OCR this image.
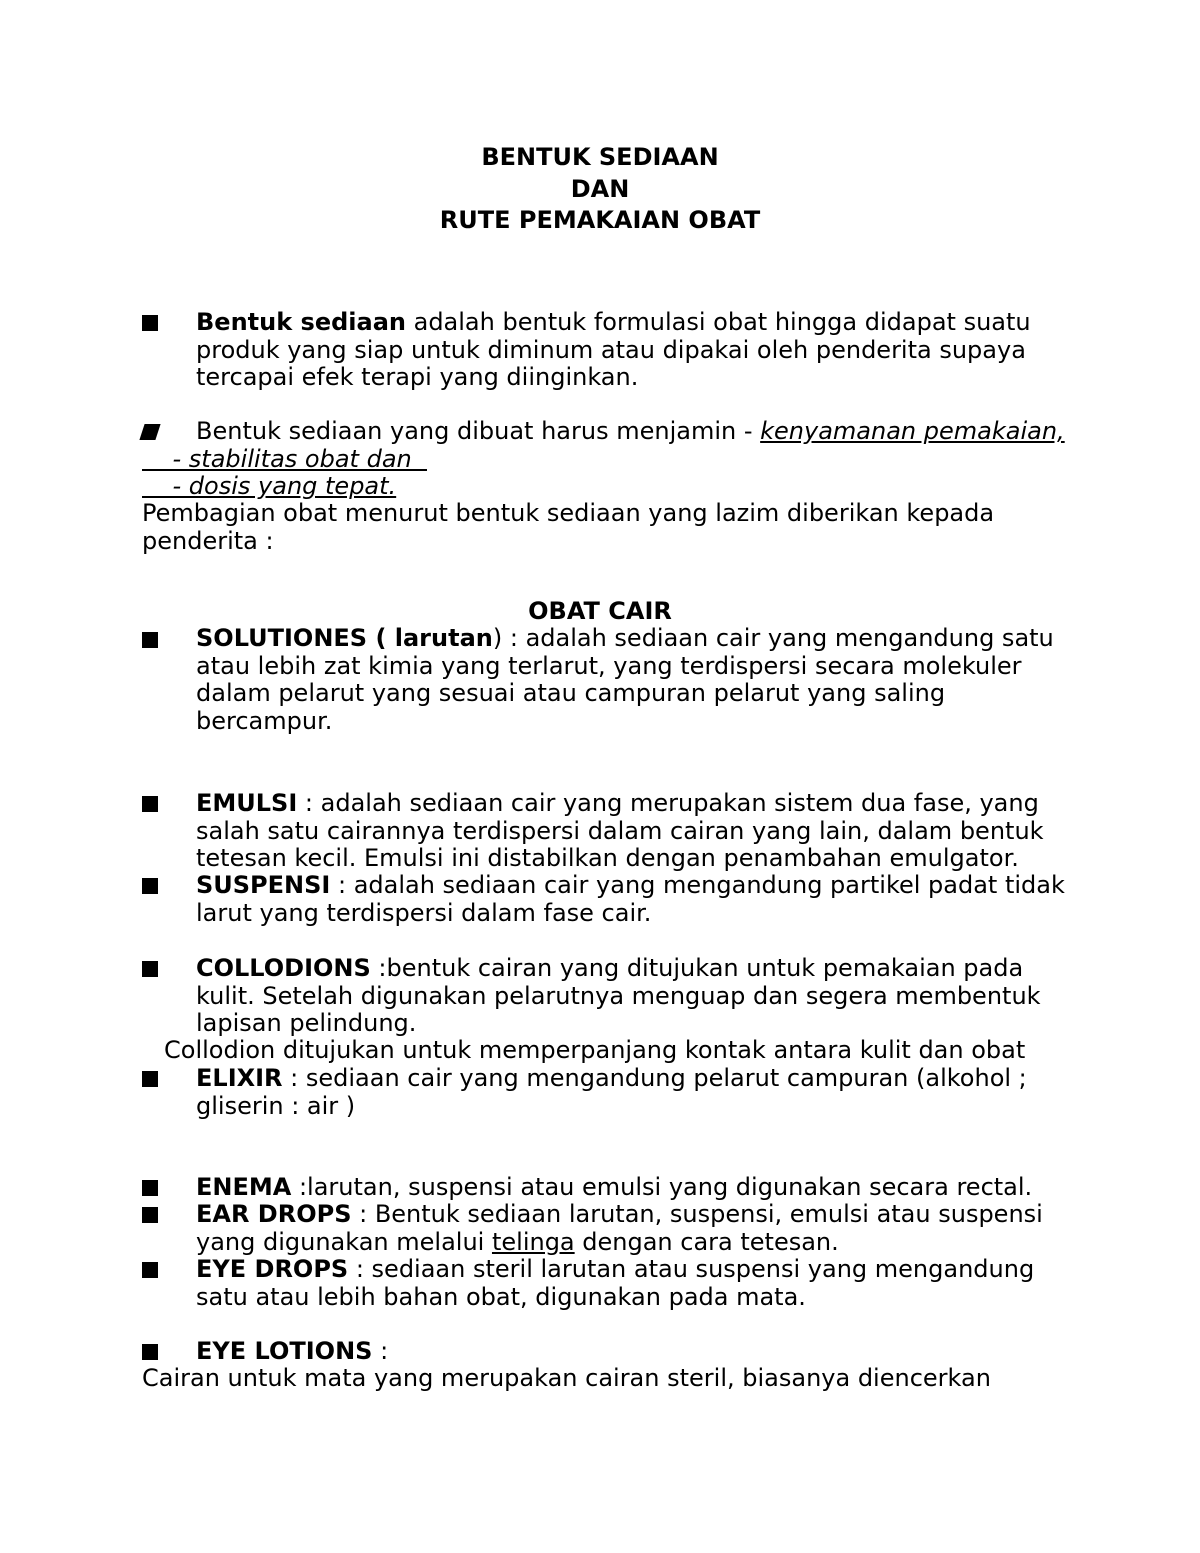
BENTUK SEDIAAN
DAN
RUTE PEMAKAIAN OBAT
Bentuk sediaan adalah bentuk formulasi obat hingga didapat suatu
produk yang siap untuk diminum atau dipakai oleh penderita supaya
tercapai efek terapi yang diinginkan.
Bentuk sediaan yang dibuat harus menjamin - kenyamanan pemakaian,
- stabilitas obat dan
- dosis yang tepat.
Pembagian obat menurut bentuk sediaan yang lazim diberikan kepada
penderita :
OBAT CAIR
SOLUTIONES ( larutan) : adalah sediaan cair yang mengandung satu
atau lebih zat kimia yang terlarut, yang terdispersi secara molekuler
dalam pelarut yang sesuai atau campuran pelarut yang saling
bercampur.
EMULSI : adalah sediaan cair yang merupakan sistem dua fase, yang
salah satu cairannya terdispersi dalam cairan yang lain, dalam bentuk
tetesan kecil. Emulsi ini distabilkan dengan penambahan emulgator.
SUSPENSI : adalah sediaan cair yang mengandung partikel padat tidak
larut yang terdispersi dalam fase cair.
COLLODIONS :bentuk cairan yang ditujukan untuk pemakaian pada
kulit. Setelah digunakan pelarutnya menguap dan segera membentuk
lapisan pelindung.
Collodion ditujukan untuk memperpanjang kontak antara kulit dan obat
ELIXIR : sediaan cair yang mengandung pelarut campuran (alkohol ;
gliserin : air )
ENEMA :larutan, suspensi atau emulsi yang digunakan secara rectal.
EAR DROPS : Bentuk sediaan larutan, suspensi, emulsi atau suspensi
yang digunakan melalui telinga dengan cara tetesan.
EYE DROPS : sediaan steril larutan atau suspensi yang mengandung
satu atau lebih bahan obat, digunakan pada mata.
EYE LOTIONS :
Cairan untuk mata yang merupakan cairan steril, biasanya diencerkan
